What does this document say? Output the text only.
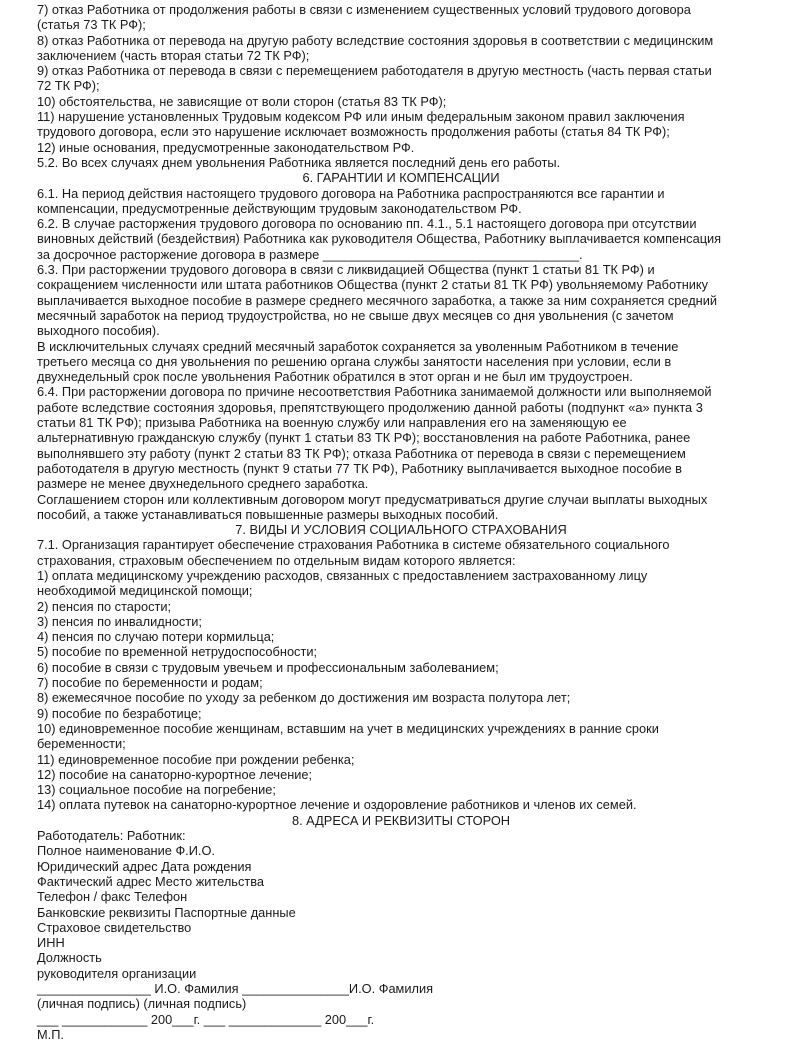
7) отказ Работника от продолжения работы в связи с изменением существенных условий трудового договора
(статья 73 ТК РФ);
8) отказ Работника от перевода на другую работу вследствие состояния здоровья в соответствии с медицинским
заключением (часть вторая статьи 72 ТК РФ);
9) отказ Работника от перевода в связи с перемещением работодателя в другую местность (часть первая статьи
72 ТК РФ);
10) обстоятельства, не зависящие от воли сторон (статья 83 ТК РФ);
11) нарушение установленных Трудовым кодексом РФ или иным федеральным законом правил заключения
трудового договора, если это нарушение исключает возможность продолжения работы (статья 84 ТК РФ);
12) иные основания, предусмотренные законодательством РФ.
5.2. Во всех случаях днем увольнения Работника является последний день его работы.
6. ГАРАНТИИ И КОМПЕНСАЦИИ
6.1. На период действия настоящего трудового договора на Работника распространяются все гарантии и
компенсации, предусмотренные действующим трудовым законодательством РФ.
6.2. В случае расторжения трудового договора по основанию пп. 4.1., 5.1 настоящего договора при отсутствии
виновных действий (бездействия) Работника как руководителя Общества, Работнику выплачивается компенсация
за досрочное расторжение договора в размере ____________________________________.
6.3. При расторжении трудового договора в связи с ликвидацией Общества (пункт 1 статьи 81 ТК РФ) и
сокращением численности или штата работников Общества (пункт 2 статьи 81 ТК РФ) увольняемому Работнику
выплачивается выходное пособие в размере среднего месячного заработка, а также за ним сохраняется средний
месячный заработок на период трудоустройства, но не свыше двух месяцев со дня увольнения (с зачетом
выходного пособия).
В исключительных случаях средний месячный заработок сохраняется за уволенным Работником в течение
третьего месяца со дня увольнения по решению органа службы занятости населения при условии, если в
двухнедельный срок после увольнения Работник обратился в этот орган и не был им трудоустроен.
6.4. При расторжении договора по причине несоответствия Работника занимаемой должности или выполняемой
работе вследствие состояния здоровья, препятствующего продолжению данной работы (подпункт «а» пункта 3
статьи 81 ТК РФ); призыва Работника на военную службу или направления его на заменяющую ее
альтернативную гражданскую службу (пункт 1 статьи 83 ТК РФ); восстановления на работе Работника, ранее
выполнявшего эту работу (пункт 2 статьи 83 ТК РФ); отказа Работника от перевода в связи с перемещением
работодателя в другую местность (пункт 9 статьи 77 ТК РФ), Работнику выплачивается выходное пособие в
размере не менее двухнедельного среднего заработка.
Соглашением сторон или коллективным договором могут предусматриваться другие случаи выплаты выходных
пособий, а также устанавливаться повышенные размеры выходных пособий.
7. ВИДЫ И УСЛОВИЯ СОЦИАЛЬНОГО СТРАХОВАНИЯ
7.1. Организация гарантирует обеспечение страхования Работника в системе обязательного социального
страхования, страховым обеспечением по отдельным видам которого является:
1) оплата медицинскому учреждению расходов, связанных с предоставлением застрахованному лицу
необходимой медицинской помощи;
2) пенсия по старости;
3) пенсия по инвалидности;
4) пенсия по случаю потери кормильца;
5) пособие по временной нетрудоспособности;
6) пособие в связи с трудовым увечьем и профессиональным заболеванием;
7) пособие по беременности и родам;
8) ежемесячное пособие по уходу за ребенком до достижения им возраста полутора лет;
9) пособие по безработице;
10) единовременное пособие женщинам, вставшим на учет в медицинских учреждениях в ранние сроки
беременности;
11) единовременное пособие при рождении ребенка;
12) пособие на санаторно-курортное лечение;
13) социальное пособие на погребение;
14) оплата путевок на санаторно-курортное лечение и оздоровление работников и членов их семей.
8. АДРЕСА И РЕКВИЗИТЫ СТОРОН
Работодатель: Работник:
Полное наименование Ф.И.О.
Юридический адрес Дата рождения
Фактический адрес Место жительства
Телефон / факс Телефон
Банковские реквизиты Паспортные данные
Страховое свидетельство
ИНН
Должность
руководителя организации
________________ И.О. Фамилия _______________И.О. Фамилия
(личная подпись) (личная подпись)
___ ____________ 200___г. ___ _____________ 200___г.
М.П.
